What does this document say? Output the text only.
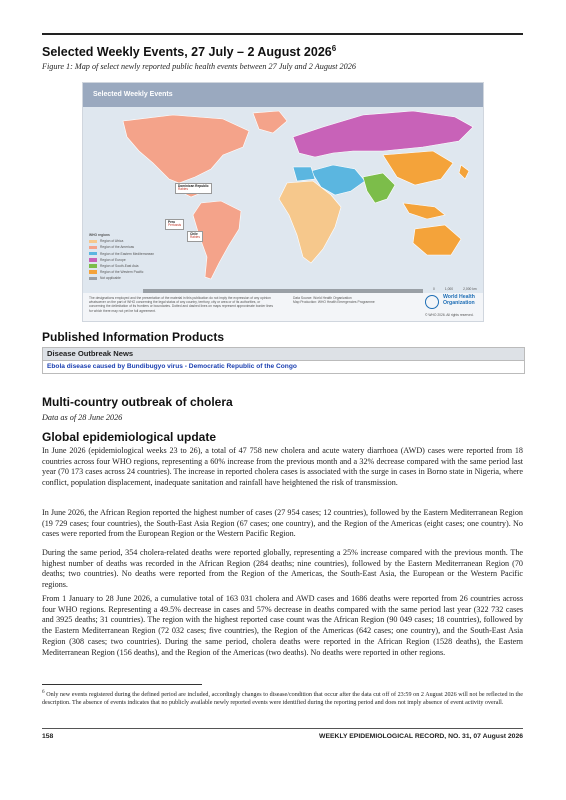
Selected Weekly Events, 27 July – 2 August 2026$^6$
Figure 1: Map of select newly reported public health events between 27 July and 2 August 2026
Selected Weekly Events
Dominican Republic
Rabies
Peru
Pertussis
Chile
Rabies
0	1,000	2,000 km
WHO regions
Region of Africa
Region of the Americas
Region of the Eastern Mediterranean
Region of Europe
Region of South-East Asia
Region of the Western Pacific
Not applicable
The designations employed and the presentation of the material in this publication do not imply the expression of any opinion whatsoever on the part of WHO concerning the legal status of any country, territory, city or area or of its authorities, or concerning the delimitation of its frontiers or boundaries. Dotted and dashed lines on maps represent approximate border lines for which there may not yet be full agreement.
Data Source: World Health Organization
Map Production: WHO Health Emergencies Programme
© WHO 2026. All rights reserved.
World Health
Organization
Published Information Products
Disease Outbreak News
Ebola disease caused by Bundibugyo virus - Democratic Republic of the Congo
Multi-country outbreak of cholera
Data as of 28 June 2026
Global epidemiological update
In June 2026 (epidemiological weeks 23 to 26), a total of 47 758 new cholera and acute watery diarrhoea (AWD) cases were reported from 18 countries across four WHO regions, representing a 60% increase from the previous month and a 32% decrease compared with the same period last year (70 173 cases across 24 countries). The increase in reported cholera cases is associated with the surge in cases in Borno state in Nigeria, where conflict, population displacement, inadequate sanitation and rainfall have heightened the risk of transmission.
In June 2026, the African Region reported the highest number of cases (27 954 cases; 12 countries), followed by the Eastern Mediterranean Region (19 729 cases; four countries), the South-East Asia Region (67 cases; one country), and the Region of the Americas (eight cases; one country). No cases were reported from the European Region or the Western Pacific Region.
During the same period, 354 cholera-related deaths were reported globally, representing a 25% increase compared with the previous month. The highest number of deaths was recorded in the African Region (284 deaths; nine countries), followed by the Eastern Mediterranean Region (70 deaths; two countries). No deaths were reported from the Region of the Americas, the South-East Asia, the European or the Western Pacific regions.
From 1 January to 28 June 2026, a cumulative total of 163 031 cholera and AWD cases and 1686 deaths were reported from 26 countries across four WHO regions. Representing a 49.5% decrease in cases and 57% decrease in deaths compared with the same period last year (322 732 cases and 3925 deaths; 31 countries). The region with the highest reported case count was the African Region (90 049 cases; 18 countries), followed by the Eastern Mediterranean Region (72 032 cases; five countries), the Region of the Americas (642 cases; one country), and the South-East Asia Region (308 cases; two countries). During the same period, cholera deaths were reported in the African Region (1528 deaths), the Eastern Mediterranean Region (156 deaths), and the Region of the Americas (two deaths). No deaths were reported in other regions.
$^6$ Only new events registered during the defined period are included, accordingly changes to disease/condition that occur after the data cut off of 23:59 on 2 August 2026 will not be reflected in the description. The absence of events indicates that no publicly available newly reported events were identified during the reporting period and does not imply absence of event activity overall.
158	WEEKLY EPIDEMIOLOGICAL RECORD, NO. 31, 07 August 2026
